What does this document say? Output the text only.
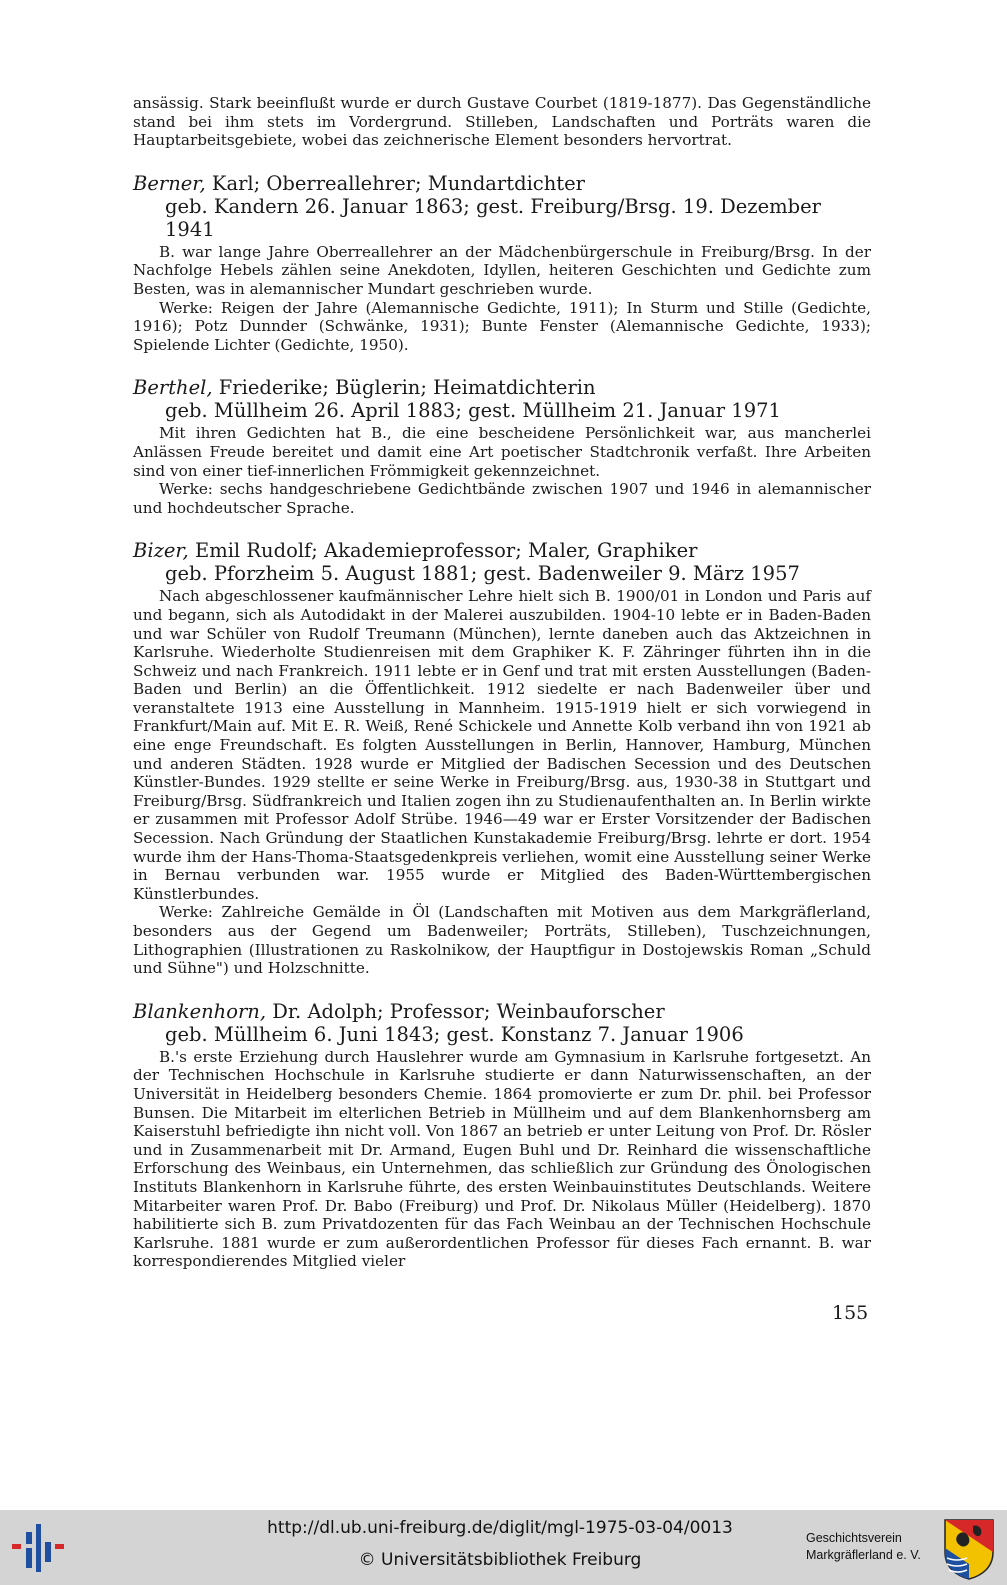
ansässig. Stark beeinflußt wurde er durch Gustave Courbet (1819-1877). Das Gegenständliche stand bei ihm stets im Vordergrund. Stilleben, Landschaften und Porträts waren die Hauptarbeitsgebiete, wobei das zeichnerische Element besonders hervortrat.

Berner, Karl; Oberreallehrer; Mundartdichter

geb. Kandern 26. Januar 1863; gest. Freiburg/Brsg. 19. Dezember 1941

B. war lange Jahre Oberreallehrer an der Mädchenbürgerschule in Freiburg/Brsg. In der Nachfolge Hebels zählen seine Anekdoten, Idyllen, heiteren Geschichten und Gedichte zum Besten, was in alemannischer Mundart geschrieben wurde.

Werke: Reigen der Jahre (Alemannische Gedichte, 1911); In Sturm und Stille (Gedichte, 1916); Potz Dunnder (Schwänke, 1931); Bunte Fenster (Alemannische Gedichte, 1933); Spielende Lichter (Gedichte, 1950).

Berthel, Friederike; Büglerin; Heimatdichterin

geb. Müllheim 26. April 1883; gest. Müllheim 21. Januar 1971

Mit ihren Gedichten hat B., die eine bescheidene Persönlichkeit war, aus mancherlei Anlässen Freude bereitet und damit eine Art poetischer Stadtchronik verfaßt. Ihre Arbeiten sind von einer tief-innerlichen Frömmigkeit gekennzeichnet.

Werke: sechs handgeschriebene Gedichtbände zwischen 1907 und 1946 in alemannischer und hochdeutscher Sprache.

Bizer, Emil Rudolf; Akademieprofessor; Maler, Graphiker

geb. Pforzheim 5. August 1881; gest. Badenweiler 9. März 1957

Nach abgeschlossener kaufmännischer Lehre hielt sich B. 1900/01 in London und Paris auf und begann, sich als Autodidakt in der Malerei auszubilden. 1904-10 lebte er in Baden-Baden und war Schüler von Rudolf Treumann (München), lernte daneben auch das Aktzeichnen in Karlsruhe. Wiederholte Studienreisen mit dem Graphiker K. F. Zähringer führten ihn in die Schweiz und nach Frankreich. 1911 lebte er in Genf und trat mit ersten Ausstellungen (Baden-Baden und Berlin) an die Öffentlichkeit. 1912 siedelte er nach Badenweiler über und veranstaltete 1913 eine Ausstellung in Mannheim. 1915-1919 hielt er sich vorwiegend in Frankfurt/Main auf. Mit E. R. Weiß, René Schickele und Annette Kolb verband ihn von 1921 ab eine enge Freundschaft. Es folgten Ausstellungen in Berlin, Hannover, Hamburg, München und anderen Städten. 1928 wurde er Mitglied der Badischen Secession und des Deutschen Künstler-Bundes. 1929 stellte er seine Werke in Freiburg/Brsg. aus, 1930-38 in Stuttgart und Freiburg/Brsg. Südfrankreich und Italien zogen ihn zu Studienaufenthalten an. In Berlin wirkte er zusammen mit Professor Adolf Strübe. 1946—49 war er Erster Vorsitzender der Badischen Secession. Nach Gründung der Staatlichen Kunstakademie Freiburg/Brsg. lehrte er dort. 1954 wurde ihm der Hans-Thoma-Staatsgedenkpreis verliehen, womit eine Ausstellung seiner Werke in Bernau verbunden war. 1955 wurde er Mitglied des Baden-Württembergischen Künstlerbundes.

Werke: Zahlreiche Gemälde in Öl (Landschaften mit Motiven aus dem Markgräflerland, besonders aus der Gegend um Badenweiler; Porträts, Stilleben), Tuschzeichnungen, Lithographien (Illustrationen zu Raskolnikow, der Hauptfigur in Dostojewskis Roman „Schuld und Sühne") und Holzschnitte.

Blankenhorn, Dr. Adolph; Professor; Weinbauforscher

geb. Müllheim 6. Juni 1843; gest. Konstanz 7. Januar 1906

B.'s erste Erziehung durch Hauslehrer wurde am Gymnasium in Karlsruhe fortgesetzt. An der Technischen Hochschule in Karlsruhe studierte er dann Naturwissenschaften, an der Universität in Heidelberg besonders Chemie. 1864 promovierte er zum Dr. phil. bei Professor Bunsen. Die Mitarbeit im elterlichen Betrieb in Müllheim und auf dem Blankenhornsberg am Kaiserstuhl befriedigte ihn nicht voll. Von 1867 an betrieb er unter Leitung von Prof. Dr. Rösler und in Zusammenarbeit mit Dr. Armand, Eugen Buhl und Dr. Reinhard die wissenschaftliche Erforschung des Weinbaus, ein Unternehmen, das schließlich zur Gründung des Önologischen Instituts Blankenhorn in Karlsruhe führte, des ersten Weinbauinstitutes Deutschlands. Weitere Mitarbeiter waren Prof. Dr. Babo (Freiburg) und Prof. Dr. Nikolaus Müller (Heidelberg). 1870 habilitierte sich B. zum Privatdozenten für das Fach Weinbau an der Technischen Hochschule Karlsruhe. 1881 wurde er zum außerordentlichen Professor für dieses Fach ernannt. B. war korrespondierendes Mitglied vieler

155
http://dl.ub.uni-freiburg.de/diglit/mgl-1975-03-04/0013
© Universitätsbibliothek Freiburg
Geschichtsverein
Markgräflerland e. V.
